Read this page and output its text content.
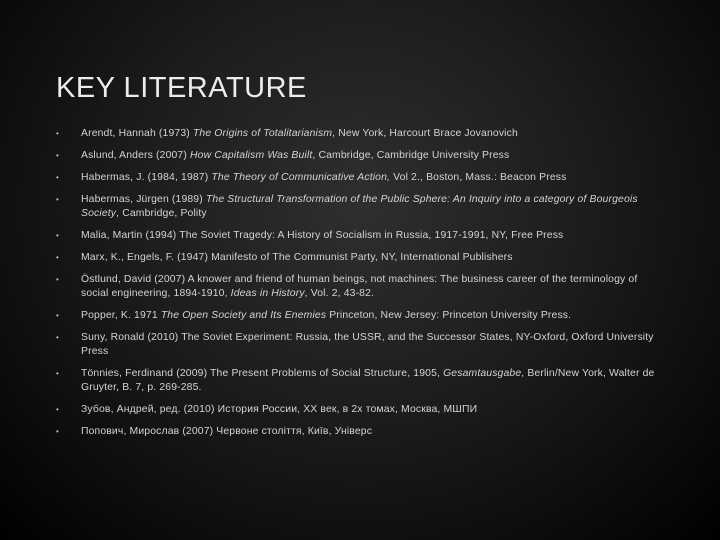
KEY LITERATURE
• Arendt, Hannah (1973) The Origins of Totalitarianism, New York, Harcourt Brace Jovanovich
• Aslund, Anders (2007) How Capitalism Was Built, Cambridge, Cambridge University Press
• Habermas, J. (1984, 1987) The Theory of Communicative Action, Vol 2., Boston, Mass.: Beacon Press
• Habermas, Jürgen (1989) The Structural Transformation of the Public Sphere: An Inquiry into a category of Bourgeois Society, Cambridge, Polity
• Malia, Martin (1994) The Soviet Tragedy: A History of Socialism in Russia, 1917-1991, NY, Free Press
• Marx, K., Engels, F. (1947) Manifesto of The Communist Party, NY, International Publishers
• Östlund, David (2007) A knower and friend of human beings, not machines: The business career of the terminology of social engineering, 1894-1910, Ideas in History, Vol. 2, 43-82.
• Popper, K. 1971 The Open Society and Its Enemies Princeton, New Jersey: Princeton University Press.
• Suny, Ronald (2010) The Soviet Experiment: Russia, the USSR, and the Successor States, NY-Oxford, Oxford University Press
• Tönnies, Ferdinand (2009) The Present Problems of Social Structure, 1905, Gesamtausgabe, Berlin/New York, Walter de Gruyter, B. 7, p. 269-285.
• Зубов, Андрей, ред. (2010) История России, XX век, в 2х томах, Москва, МШПИ
• Попович, Мирослав (2007) Червоне століття, Київ, Універс
